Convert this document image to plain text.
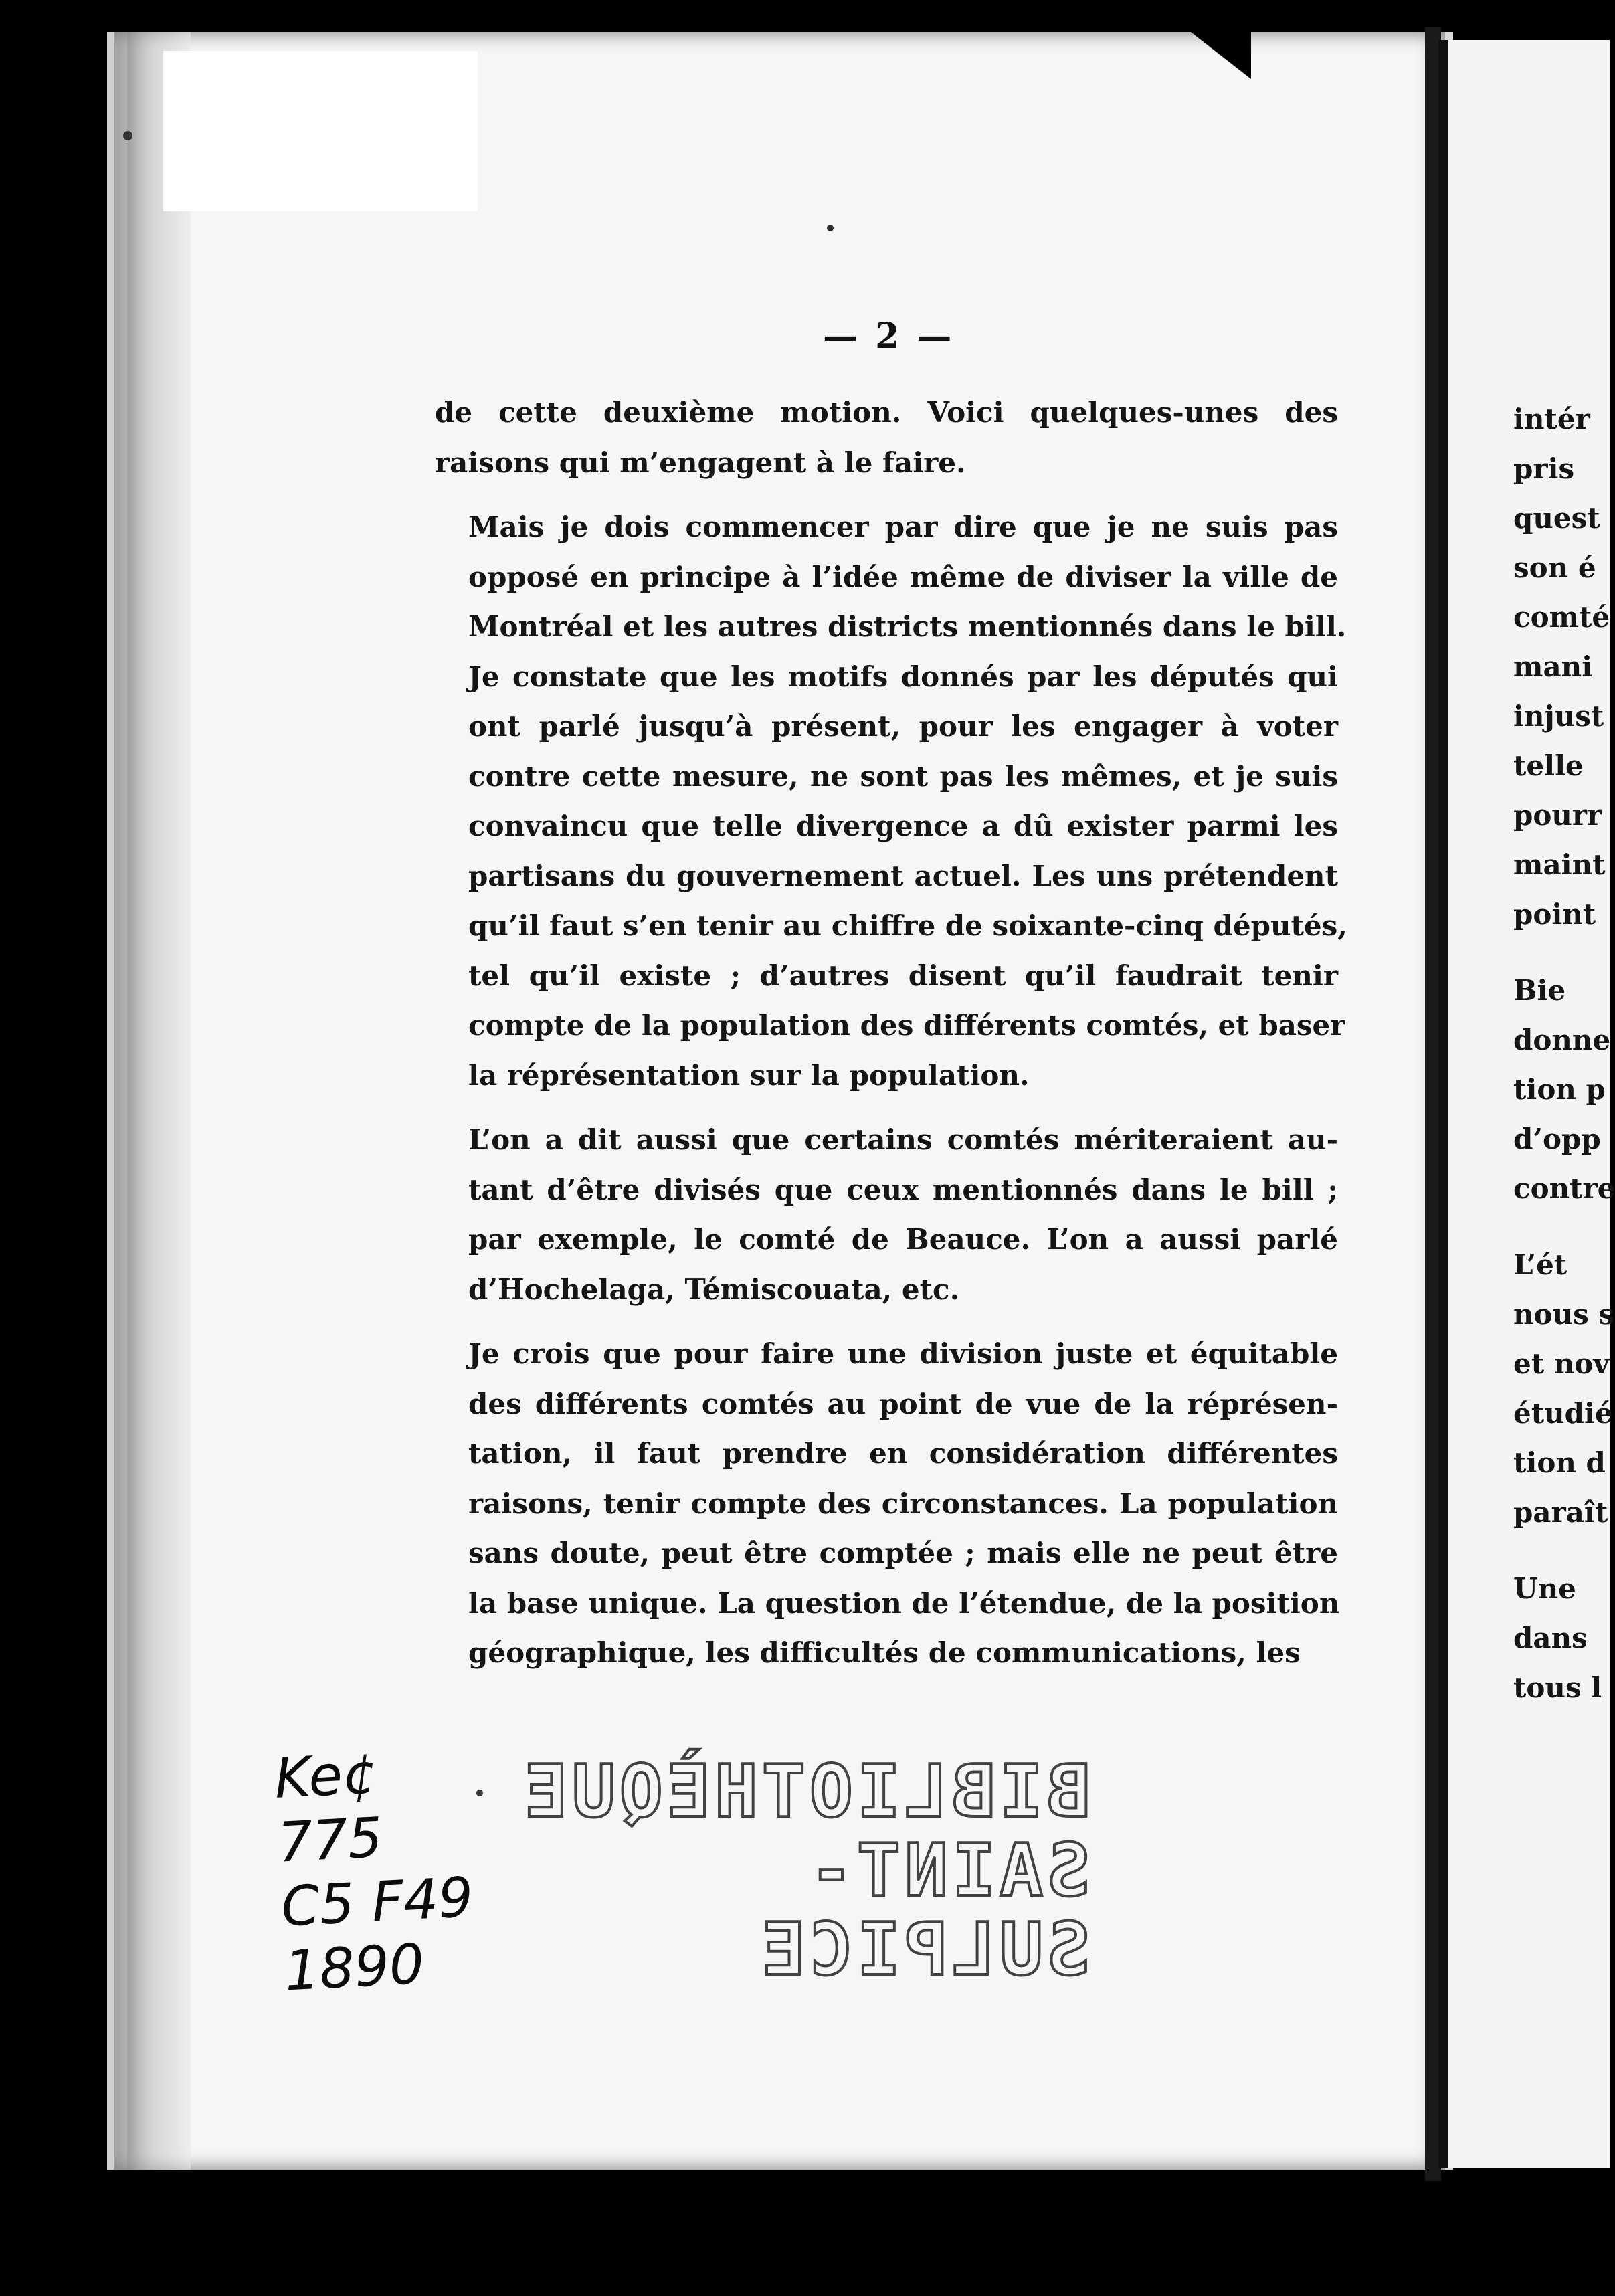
— 2 —

de cette deuxième motion. Voici quelques-unes des
raisons qui m’engagent à le faire.

Mais je dois commencer par dire que je ne suis pas
opposé en principe à l’idée même de diviser la ville de
Montréal et les autres districts mentionnés dans le bill.
Je constate que les motifs donnés par les députés qui
ont parlé jusqu’à présent, pour les engager à voter
contre cette mesure, ne sont pas les mêmes, et je suis
convaincu que telle divergence a dû exister parmi les
partisans du gouvernement actuel. Les uns prétendent
qu’il faut s’en tenir au chiffre de soixante-cinq députés,
tel qu’il existe ; d’autres disent qu’il faudrait tenir
compte de la population des différents comtés, et baser
la réprésentation sur la population.

L’on a dit aussi que certains comtés mériteraient au-
tant d’être divisés que ceux mentionnés dans le bill ;
par exemple, le comté de Beauce. L’on a aussi parlé
d’Hochelaga, Témiscouata, etc.

Je crois que pour faire une division juste et équitable
des différents comtés au point de vue de la réprésen-
tation, il faut prendre en considération différentes
raisons, tenir compte des circonstances. La population
sans doute, peut être comptée ; mais elle ne peut être
la base unique. La question de l’étendue, de la position
géographique, les difficultés de communications, les

intér
pris
quest
son é
comté
mani
injust
telle
pourr
maint
point
Bie
donne
tion p
d’opp
contre
L’ét
nous s
et nov
étudié
tion d
paraît
Une
dans
tous l
Ke¢
775
C5 F49
1890
BIBLIOTHÈQUE
SAINT-SULPICE
